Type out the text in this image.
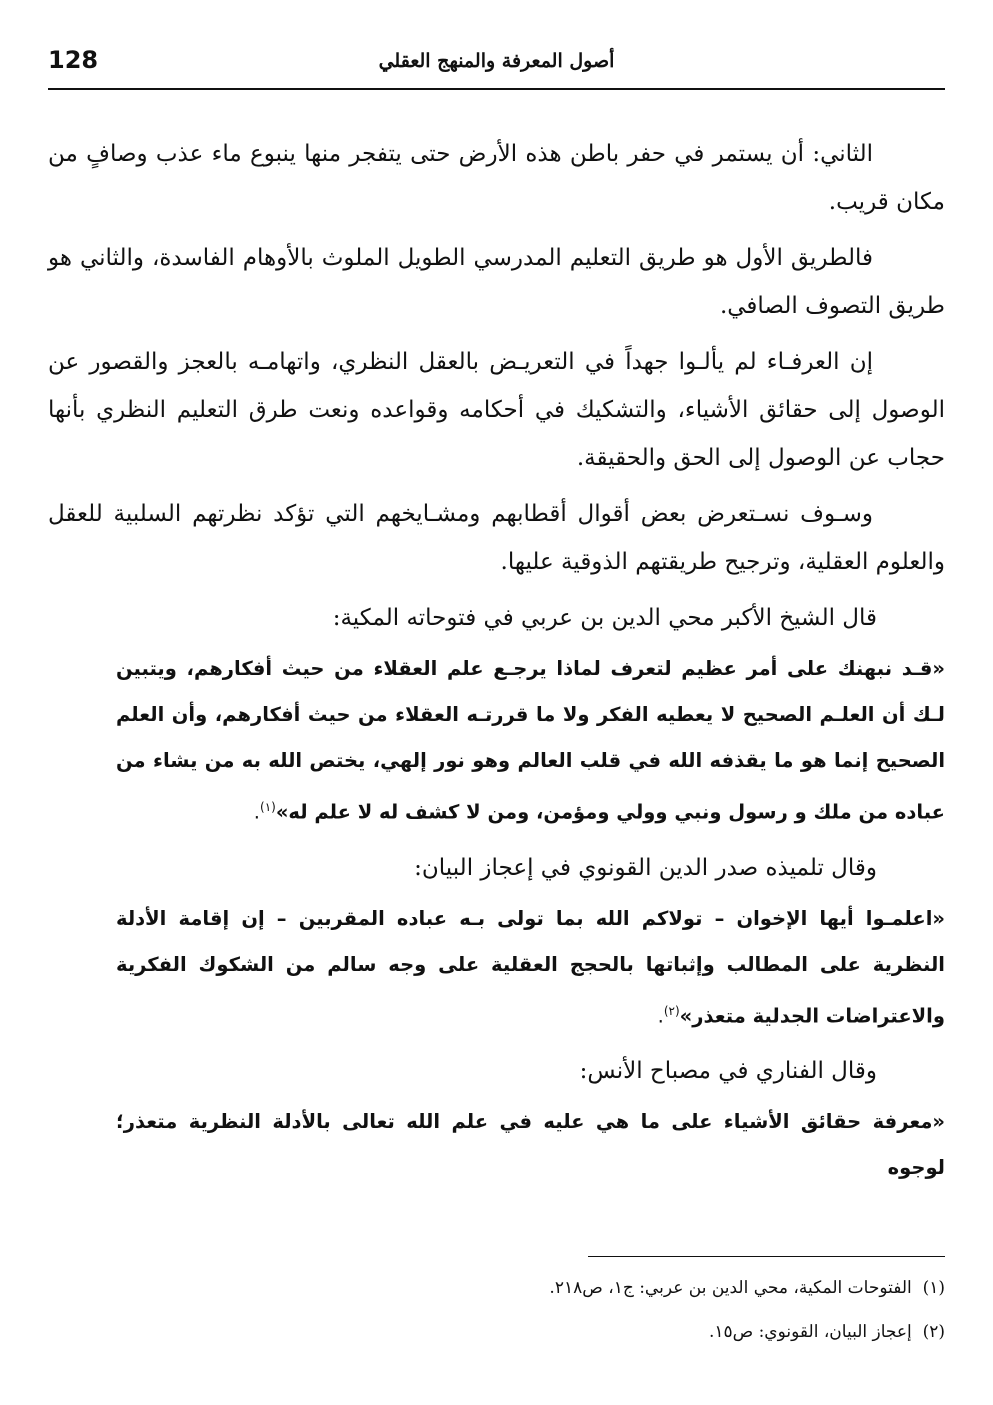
128	أصول المعرفة والمنهج العقلي

الثاني: أن يستمر في حفر باطن هذه الأرض حتى يتفجر منها ينبوع ماء عذب وصافٍ من مكان قريب.

فالطريق الأول هو طريق التعليم المدرسي الطويل الملوث بالأوهام الفاسدة، والثاني هو طريق التصوف الصافي.

إن العرفـاء لم يألـوا جهداً في التعريـض بالعقل النظري، واتهامـه بالعجز والقصور عن الوصول إلى حقائق الأشياء، والتشكيك في أحكامه وقواعده ونعت طرق التعليم النظري بأنها حجاب عن الوصول إلى الحق والحقيقة.

وسـوف نسـتعرض بعض أقوال أقطابهم ومشـايخهم التي تؤكد نظرتهم السلبية للعقل والعلوم العقلية، وترجيح طريقتهم الذوقية عليها.

قال الشيخ الأكبر محي الدين بن عربي في فتوحاته المكية:

«قـد نبهنك على أمر عظيم لتعرف لماذا يرجـع علم العقلاء من حيث أفكارهم، ويتبين لـك أن العلـم الصحيح لا يعطيه الفكر ولا ما قررتـه العقلاء من حيث أفكارهم، وأن العلم الصحيح إنما هو ما يقذفه الله في قلب العالم وهو نور إلهي، يختص الله به من يشاء من عباده من ملك و رسول ونبي وولي ومؤمن، ومن لا كشف له لا علم له»$^{(١)}$.

وقال تلميذه صدر الدين القونوي في إعجاز البيان:

«اعلمـوا أيها الإخوان – تولاكم الله بما تولى بـه عباده المقربين – إن إقامة الأدلة النظرية على المطالب وإثباتها بالحجج العقلية على وجه سالم من الشكوك الفكرية والاعتراضات الجدلية متعذر»$^{(٢)}$.

وقال الفناري في مصباح الأنس:

«معرفة حقائق الأشياء على ما هي عليه في علم الله تعالى بالأدلة النظرية متعذر؛ لوجوه

(١)  الفتوحات المكية، محي الدين بن عربي: ج١، ص٢١٨.

(٢)  إعجاز البيان، القونوي: ص١٥.
